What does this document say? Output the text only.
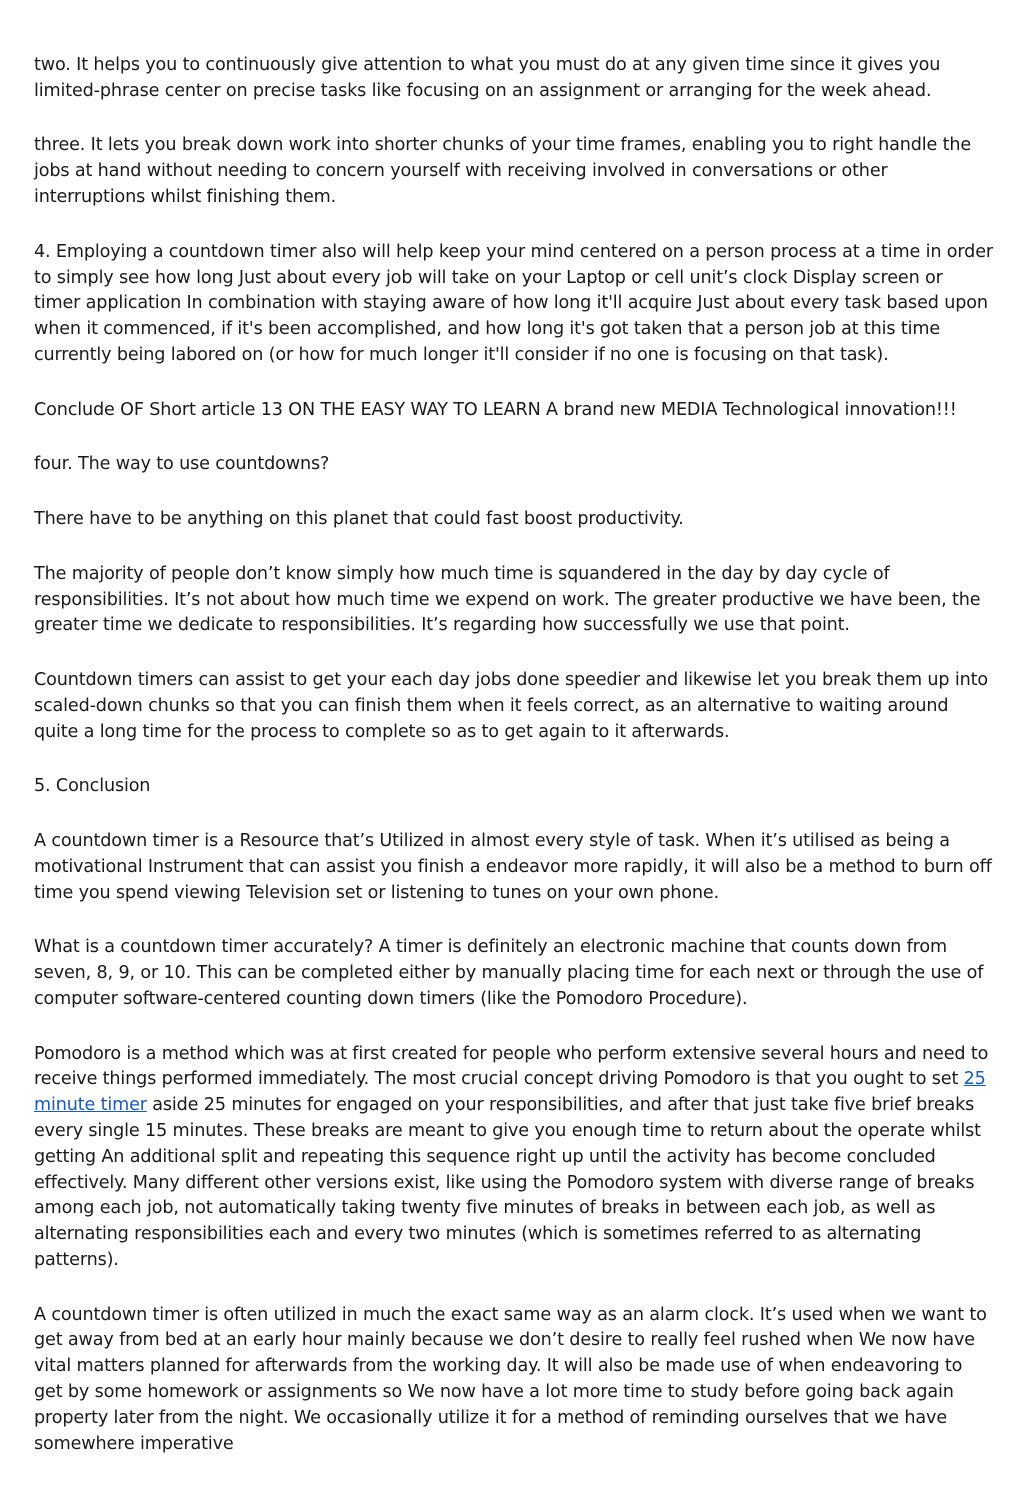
two. It helps you to continuously give attention to what you must do at any given time since it gives you limited-phrase center on precise tasks like focusing on an assignment or arranging for the week ahead.

three. It lets you break down work into shorter chunks of your time frames, enabling you to right handle the jobs at hand without needing to concern yourself with receiving involved in conversations or other interruptions whilst finishing them.

4. Employing a countdown timer also will help keep your mind centered on a person process at a time in order to simply see how long Just about every job will take on your Laptop or cell unit’s clock Display screen or timer application In combination with staying aware of how long it'll acquire Just about every task based upon when it commenced, if it's been accomplished, and how long it's got taken that a person job at this time currently being labored on (or how for much longer it'll consider if no one is focusing on that task).

Conclude OF Short article 13 ON THE EASY WAY TO LEARN A brand new MEDIA Technological innovation!!!

four. The way to use countdowns?

There have to be anything on this planet that could fast boost productivity.

The majority of people don’t know simply how much time is squandered in the day by day cycle of responsibilities. It’s not about how much time we expend on work. The greater productive we have been, the greater time we dedicate to responsibilities. It’s regarding how successfully we use that point.

Countdown timers can assist to get your each day jobs done speedier and likewise let you break them up into scaled-down chunks so that you can finish them when it feels correct, as an alternative to waiting around quite a long time for the process to complete so as to get again to it afterwards.

5. Conclusion

A countdown timer is a Resource that’s Utilized in almost every style of task. When it’s utilised as being a motivational Instrument that can assist you finish a endeavor more rapidly, it will also be a method to burn off time you spend viewing Television set or listening to tunes on your own phone.

What is a countdown timer accurately? A timer is definitely an electronic machine that counts down from seven, 8, 9, or 10. This can be completed either by manually placing time for each next or through the use of computer software-centered counting down timers (like the Pomodoro Procedure).

Pomodoro is a method which was at first created for people who perform extensive several hours and need to receive things performed immediately. The most crucial concept driving Pomodoro is that you ought to set 25 minute timer aside 25 minutes for engaged on your responsibilities, and after that just take five brief breaks every single 15 minutes. These breaks are meant to give you enough time to return about the operate whilst getting An additional split and repeating this sequence right up until the activity has become concluded effectively. Many different other versions exist, like using the Pomodoro system with diverse range of breaks among each job, not automatically taking twenty five minutes of breaks in between each job, as well as alternating responsibilities each and every two minutes (which is sometimes referred to as alternating patterns).

A countdown timer is often utilized in much the exact same way as an alarm clock. It’s used when we want to get away from bed at an early hour mainly because we don’t desire to really feel rushed when We now have vital matters planned for afterwards from the working day. It will also be made use of when endeavoring to get by some homework or assignments so We now have a lot more time to study before going back again property later from the night. We occasionally utilize it for a method of reminding ourselves that we have somewhere imperative
